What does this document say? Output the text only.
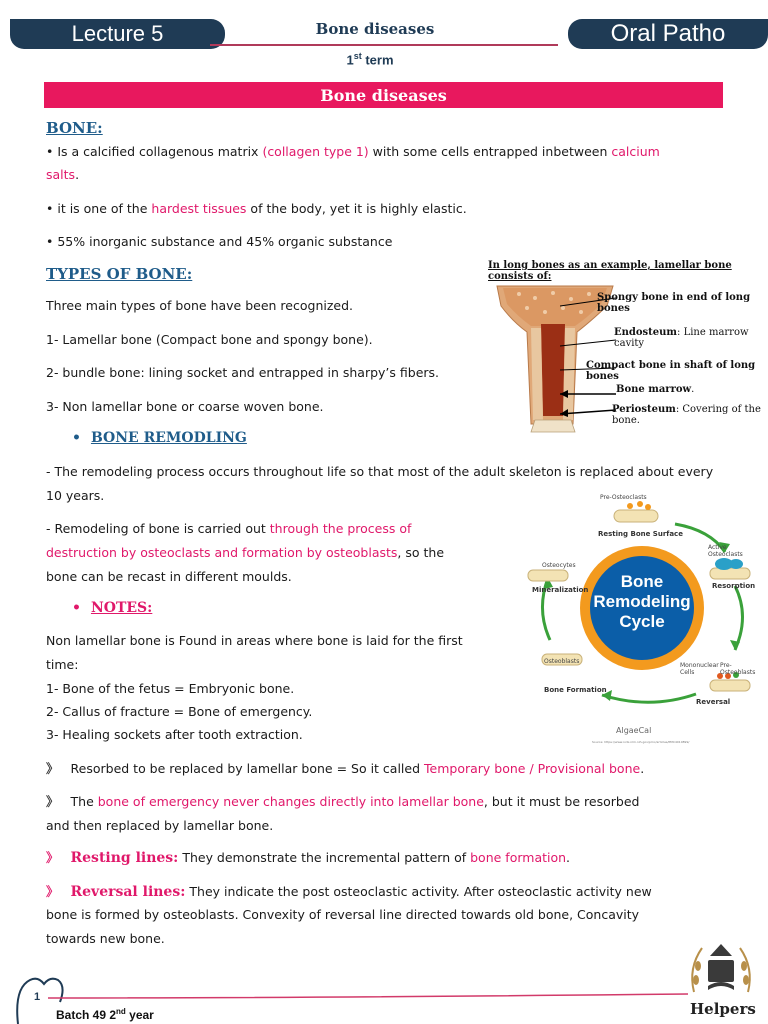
Lecture 5	Bone diseases	Oral Patho
1st term
Bone diseases
BONE:
• Is a calcified collagenous matrix (collagen type 1) with some cells entrapped inbetween calcium
salts.
• it is one of the hardest tissues of the body, yet it is highly elastic.
• 55% inorganic substance and 45% organic substance
TYPES OF BONE:
Three main types of bone have been recognized.
1- Lamellar bone (Compact bone and spongy bone).
2- bundle bone: lining socket and entrapped in sharpy’s fibers.
3- Non lamellar bone or coarse woven bone.
In long bones as an example, lamellar bone consists of:
Spongy bone in end of long bones
Endosteum: Line marrow cavity
Compact bone in shaft of long bones
Bone marrow.
Periosteum: Covering of the bone.
• BONE REMODLING
- The remodeling process occurs throughout life so that most of the adult skeleton is replaced about every 10 years.
- Remodeling of bone is carried out through the process of
destruction by osteoclasts and formation by osteoblasts, so the
bone can be recast in different moulds.	Bone
Remodeling
Cycle
Pre-Osteoclasts
Resting Bone Surface
Active Osteoclasts
Resorption
Osteocytes
Mineralization
Osteoblasts
Bone Formation
Mononuclear Cells
Pre-Osteoblasts
Reversal
AlgaeCal
Source: https://www.ncbi.nlm.nih.gov/pmc/articles/PMC4010899/
• NOTES:
Non lamellar bone is Found in areas where bone is laid for the first
time:
1- Bone of the fetus = Embryonic bone.
2- Callus of fracture = Bone of emergency.
3- Healing sockets after tooth extraction.
》 Resorbed to be replaced by lamellar bone = So it called Temporary bone / Provisional bone.
》 The bone of emergency never changes directly into lamellar bone, but it must be resorbed
and then replaced by lamellar bone.
》 Resting lines: They demonstrate the incremental pattern of bone formation.
》 Reversal lines: They indicate the post osteoclastic activity. After osteoclastic activity new
bone is formed by osteoblasts. Convexity of reversal line directed towards old bone, Concavity
towards new bone.
1
Batch 49 2nd year	Helpers
